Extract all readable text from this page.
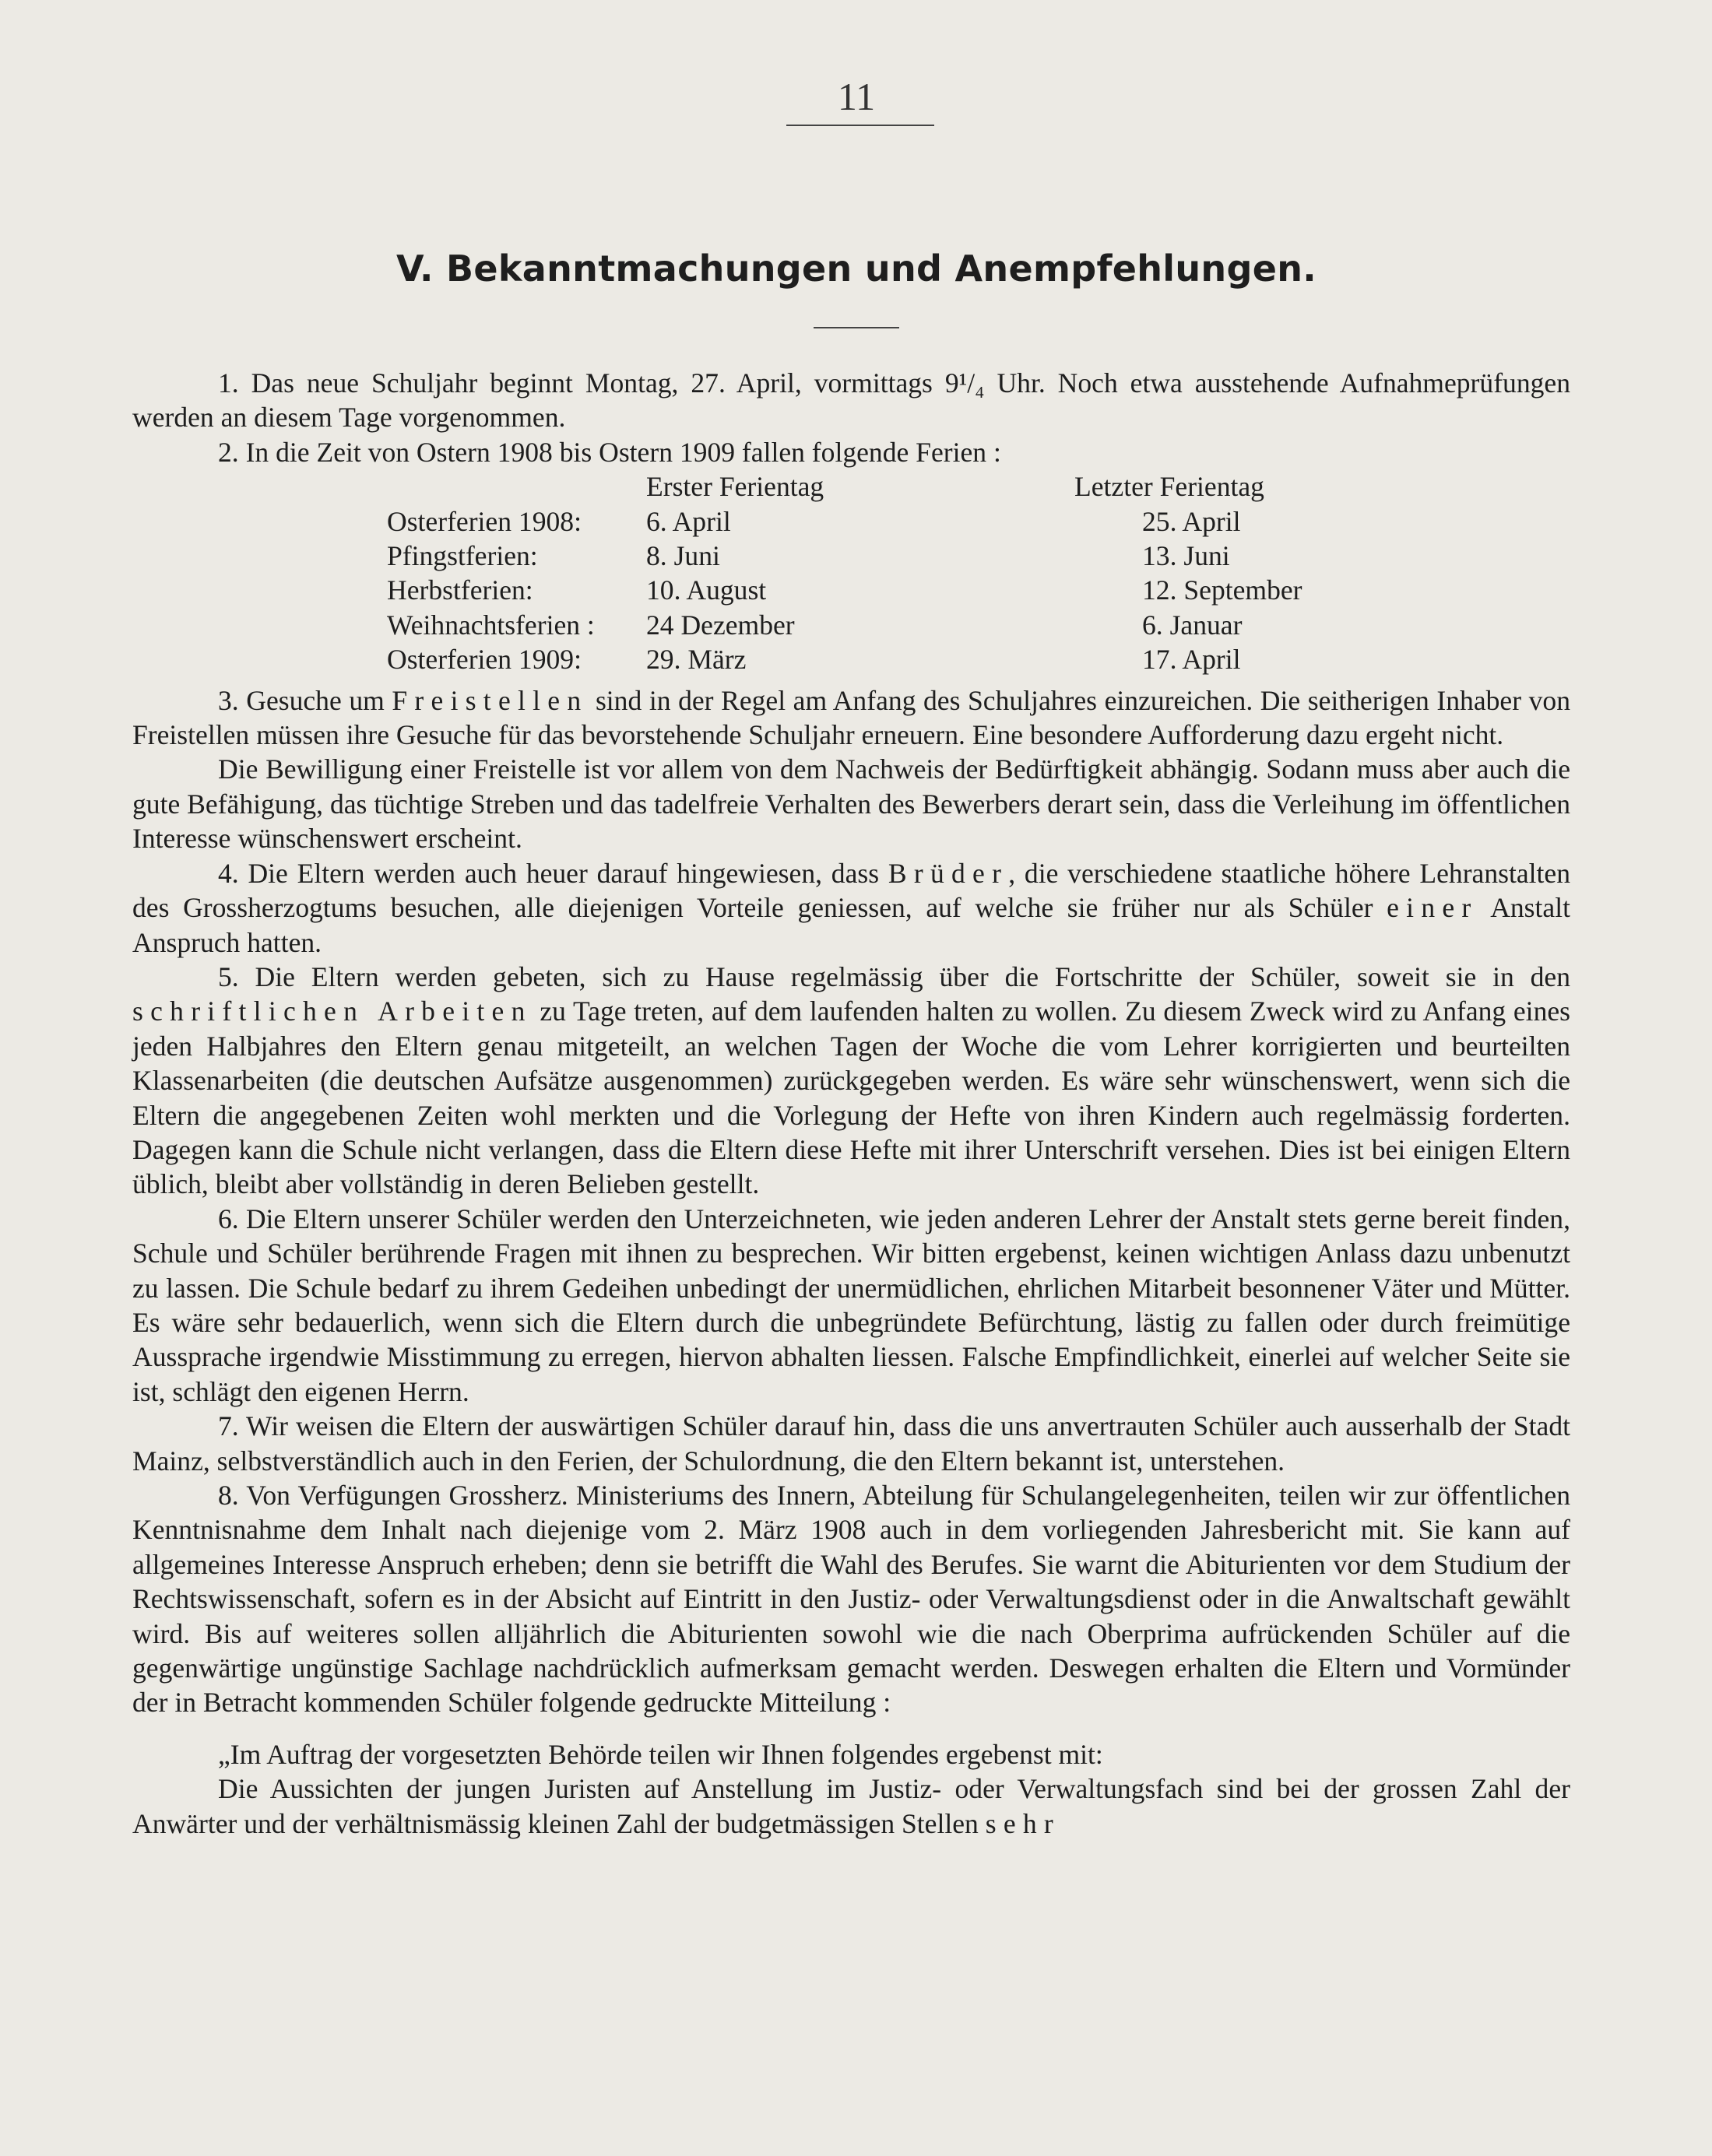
11
V. Bekanntmachungen und Anempfehlungen.

1. Das neue Schuljahr beginnt Montag, 27. April, vormittags 9¹/₄ Uhr. Noch etwa ausstehende Aufnahmeprüfungen werden an diesem Tage vorgenommen.

2. In die Zeit von Ostern 1908 bis Ostern 1909 fallen folgende Ferien :

	Erster Ferientag	Letzter Ferientag
Osterferien 1908:	6. April	25. April
Pfingstferien:	8. Juni	13. Juni
Herbstferien:	10. August	12. September
Weihnachtsferien :	24 Dezember	6. Januar
Osterferien 1909:	29. März	17. April

3. Gesuche um Freistellen sind in der Regel am Anfang des Schuljahres einzureichen. Die seitherigen Inhaber von Freistellen müssen ihre Gesuche für das bevorstehende Schuljahr erneuern. Eine besondere Aufforderung dazu ergeht nicht.

Die Bewilligung einer Freistelle ist vor allem von dem Nachweis der Bedürftigkeit abhängig. Sodann muss aber auch die gute Befähigung, das tüchtige Streben und das tadelfreie Verhalten des Bewerbers derart sein, dass die Verleihung im öffentlichen Interesse wünschenswert erscheint.

4. Die Eltern werden auch heuer darauf hingewiesen, dass Brüder, die verschiedene staatliche höhere Lehranstalten des Grossherzogtums besuchen, alle diejenigen Vorteile geniessen, auf welche sie früher nur als Schüler einer Anstalt Anspruch hatten.

5. Die Eltern werden gebeten, sich zu Hause regelmässig über die Fortschritte der Schüler, soweit sie in den schriftlichen Arbeiten zu Tage treten, auf dem laufenden halten zu wollen. Zu diesem Zweck wird zu Anfang eines jeden Halbjahres den Eltern genau mitgeteilt, an welchen Tagen der Woche die vom Lehrer korrigierten und beurteilten Klassenarbeiten (die deutschen Aufsätze ausgenommen) zurückgegeben werden. Es wäre sehr wünschenswert, wenn sich die Eltern die angegebenen Zeiten wohl merkten und die Vorlegung der Hefte von ihren Kindern auch regelmässig forderten. Dagegen kann die Schule nicht verlangen, dass die Eltern diese Hefte mit ihrer Unterschrift versehen. Dies ist bei einigen Eltern üblich, bleibt aber vollständig in deren Belieben gestellt.

6. Die Eltern unserer Schüler werden den Unterzeichneten, wie jeden anderen Lehrer der Anstalt stets gerne bereit finden, Schule und Schüler berührende Fragen mit ihnen zu besprechen. Wir bitten ergebenst, keinen wichtigen Anlass dazu unbenutzt zu lassen. Die Schule bedarf zu ihrem Gedeihen unbedingt der unermüdlichen, ehrlichen Mitarbeit besonnener Väter und Mütter. Es wäre sehr bedauerlich, wenn sich die Eltern durch die unbegründete Befürchtung, lästig zu fallen oder durch freimütige Aussprache irgendwie Misstimmung zu erregen, hiervon abhalten liessen. Falsche Empfindlichkeit, einerlei auf welcher Seite sie ist, schlägt den eigenen Herrn.

7. Wir weisen die Eltern der auswärtigen Schüler darauf hin, dass die uns anvertrauten Schüler auch ausserhalb der Stadt Mainz, selbstverständlich auch in den Ferien, der Schulordnung, die den Eltern bekannt ist, unterstehen.

8. Von Verfügungen Grossherz. Ministeriums des Innern, Abteilung für Schulangelegenheiten, teilen wir zur öffentlichen Kenntnisnahme dem Inhalt nach diejenige vom 2. März 1908 auch in dem vorliegenden Jahresbericht mit. Sie kann auf allgemeines Interesse Anspruch erheben; denn sie betrifft die Wahl des Berufes. Sie warnt die Abiturienten vor dem Studium der Rechtswissenschaft, sofern es in der Absicht auf Eintritt in den Justiz- oder Verwaltungsdienst oder in die Anwaltschaft gewählt wird. Bis auf weiteres sollen alljährlich die Abiturienten sowohl wie die nach Oberprima aufrückenden Schüler auf die gegenwärtige ungünstige Sachlage nachdrücklich aufmerksam gemacht werden. Deswegen erhalten die Eltern und Vormünder der in Betracht kommenden Schüler folgende gedruckte Mitteilung :

„Im Auftrag der vorgesetzten Behörde teilen wir Ihnen folgendes ergebenst mit:

Die Aussichten der jungen Juristen auf Anstellung im Justiz- oder Verwaltungsfach sind bei der grossen Zahl der Anwärter und der verhältnismässig kleinen Zahl der budgetmässigen Stellen sehr
